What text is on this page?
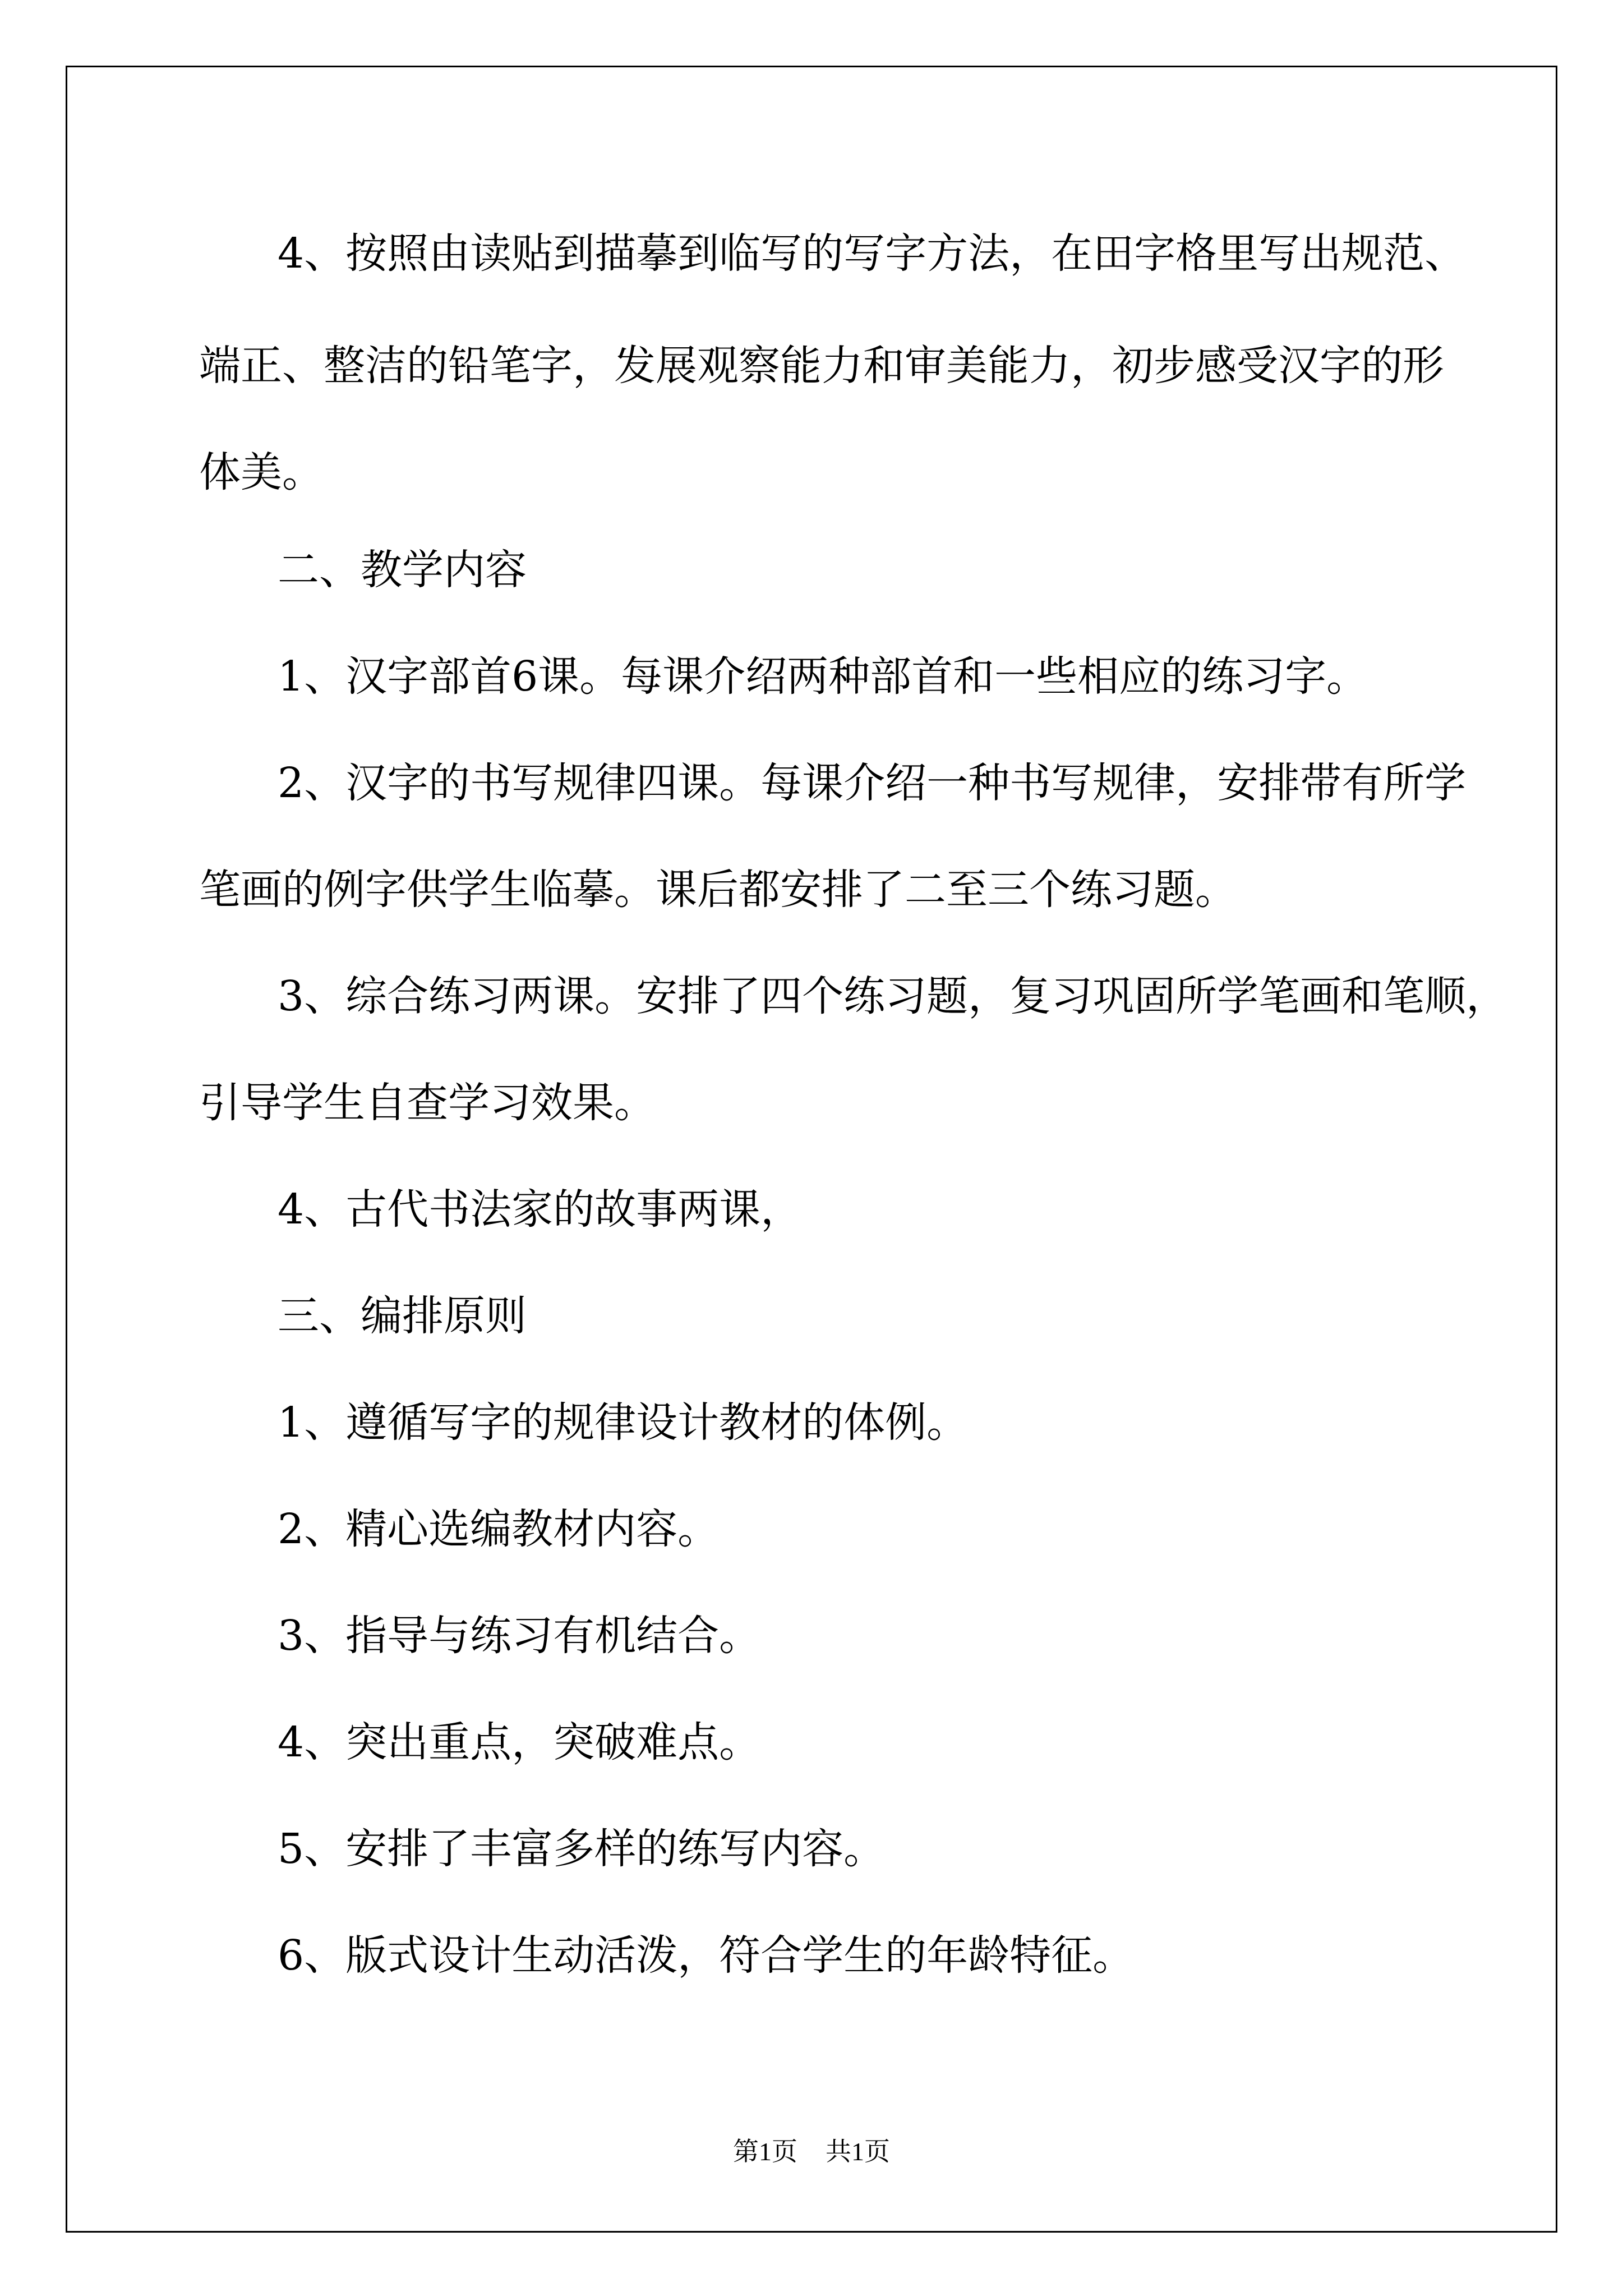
4、按照由读贴到描摹到临写的写字方法，在田字格里写出规范、
端正、整洁的铅笔字，发展观察能力和审美能力，初步感受汉字的形
体美。
二、教学内容
1、汉字部首6课。每课介绍两种部首和一些相应的练习字。
2、汉字的书写规律四课。每课介绍一种书写规律，安排带有所学
笔画的例字供学生临摹。课后都安排了二至三个练习题。
3、综合练习两课。安排了四个练习题，复习巩固所学笔画和笔顺，
引导学生自查学习效果。
4、古代书法家的故事两课，
三、编排原则
1、遵循写字的规律设计教材的体例。
2、精心选编教材内容。
3、指导与练习有机结合。
4、突出重点，突破难点。
5、安排了丰富多样的练写内容。
6、版式设计生动活泼，符合学生的年龄特征。
第1页 共1页
